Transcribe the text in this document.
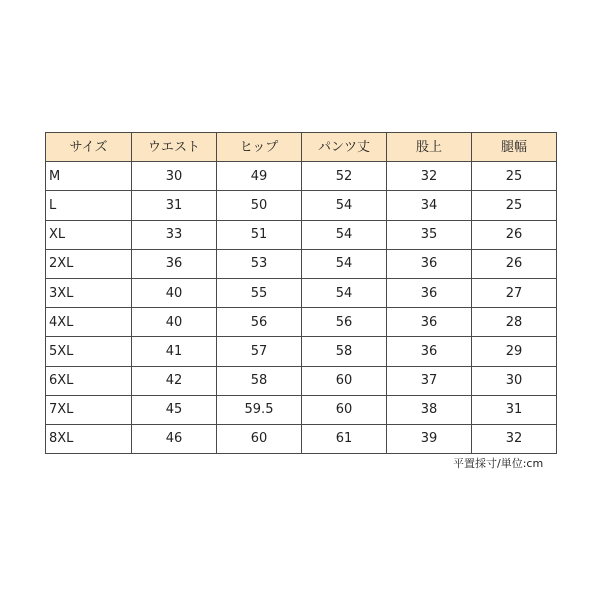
サイズ	ウエスト	ヒップ	パンツ丈	股上	腿幅
M	30	49	52	32	25
L	31	50	54	34	25
XL	33	51	54	35	26
2XL	36	53	54	36	26
3XL	40	55	54	36	27
4XL	40	56	56	36	28
5XL	41	57	58	36	29
6XL	42	58	60	37	30
7XL	45	59.5	60	38	31
8XL	46	60	61	39	32
平置採寸/単位:cm
